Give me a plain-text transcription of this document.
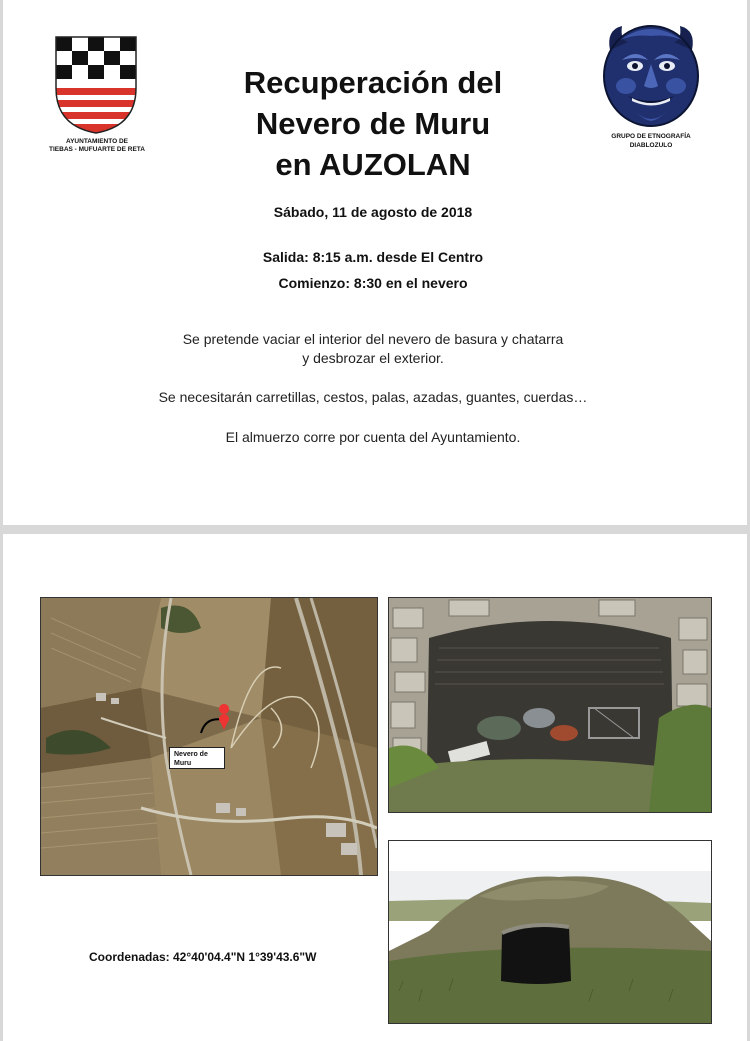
AYUNTAMIENTO DE
TIEBAS - MUFUARTE DE RETA
GRUPO DE ETNOGRAFÍA
DIABLOZULO
Recuperación del
Nevero de Muru
en AUZOLAN
Sábado, 11 de agosto de 2018
Salida: 8:15 a.m. desde El Centro
Comienzo: 8:30 en el nevero
Se pretende vaciar el interior del nevero de basura y chatarra
y desbrozar el exterior.
Se necesitarán carretillas, cestos, palas, azadas, guantes, cuerdas…
El almuerzo corre por cuenta del Ayuntamiento.
Nevero de
Muru
Coordenadas: 42°40'04.4"N 1°39'43.6"W
